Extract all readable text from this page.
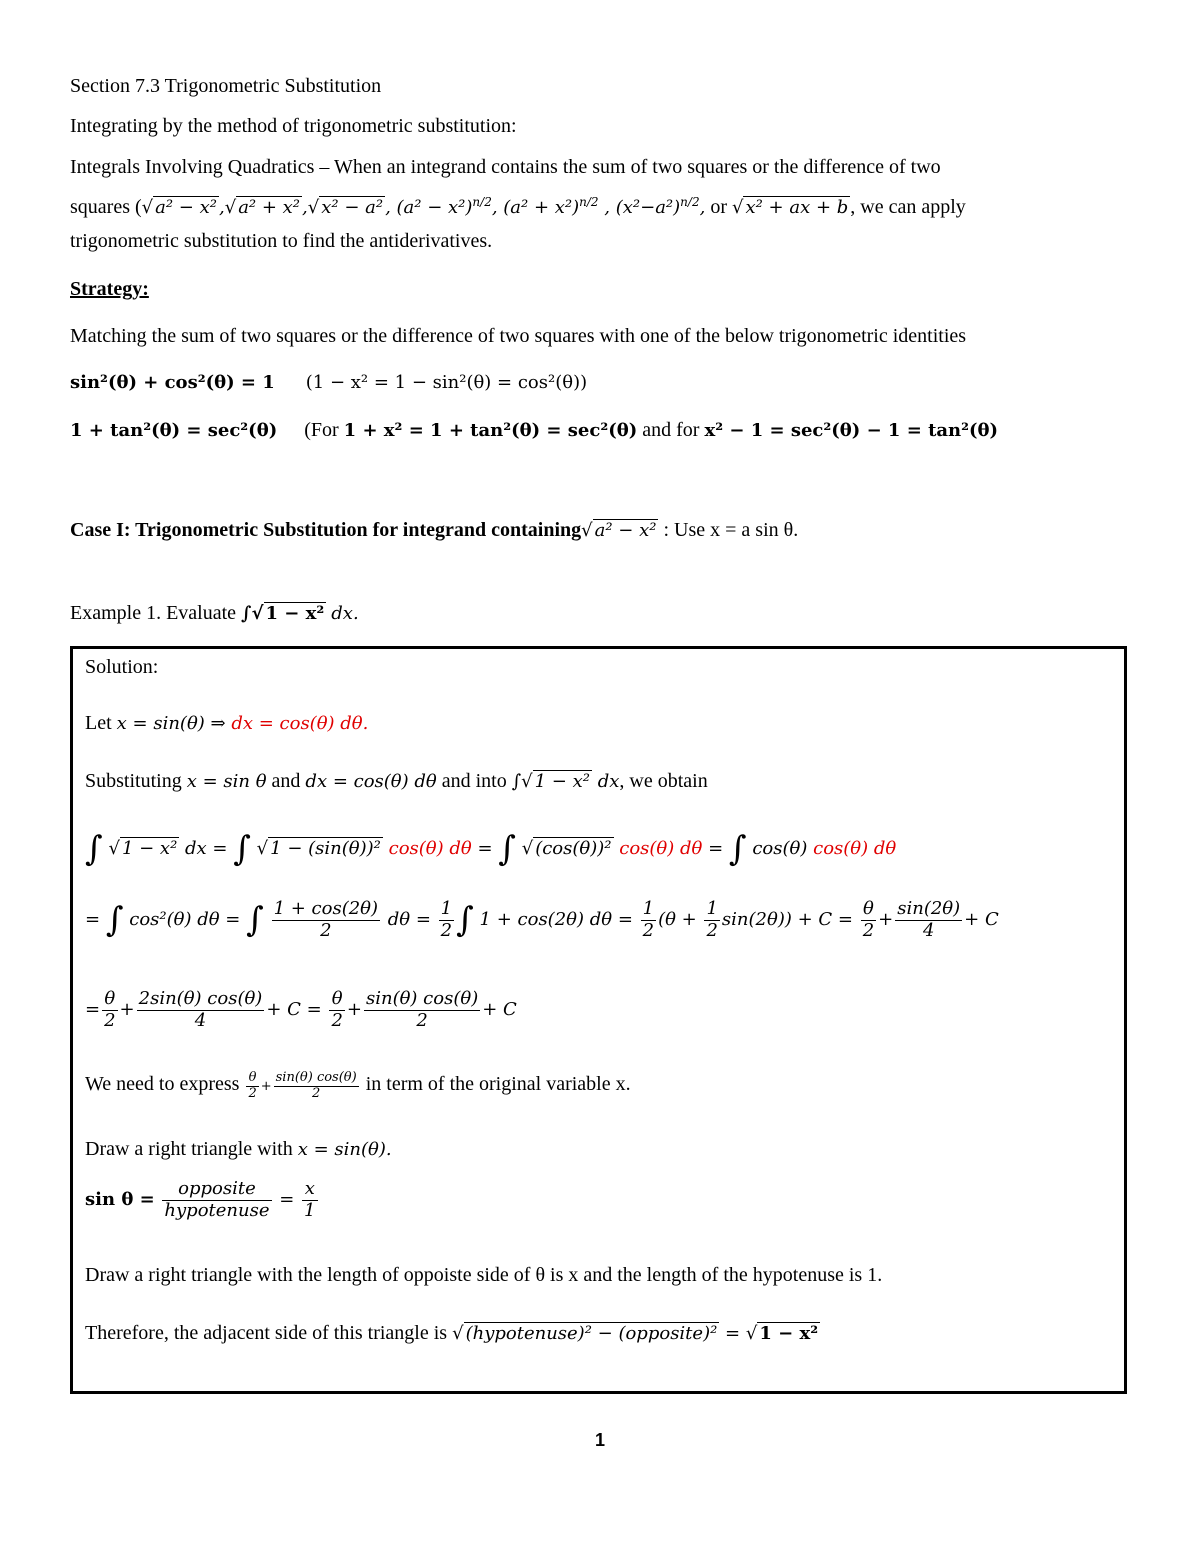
Section 7.3 Trigonometric Substitution
Integrating by the method of trigonometric substitution:
Integrals Involving Quadratics – When an integrand contains the sum of two squares or the difference of two
squares (√ a² − x² ,√ a² + x² ,√ x² − a² , $(a^2 - x^2)^{n/2}$, $(a^2 + x^2)^{n/2}$ , $(x^2-a^2)^{n/2}$, or √ x² + ax + b , we can apply
trigonometric substitution to find the antiderivatives.
Strategy:
Matching the sum of two squares or the difference of two squares with one of the below trigonometric identities
sin²(θ) + cos²(θ) = 1 (1 − x² = 1 − sin²(θ) = cos²(θ))
1 + tan²(θ) = sec²(θ) (For 1 + x² = 1 + tan²(θ) = sec²(θ) and for x² − 1 = sec²(θ) − 1 = tan²(θ)
Case I: Trigonometric Substitution for integrand containing√ a² − x² : Use x = a sin θ.
Example 1. Evaluate ∫√ 1 − x² dx.
Solution:
Let x = sin(θ) ⇒ dx = cos(θ) dθ.
Substituting x = sin θ and dx = cos(θ) dθ and into ∫√ 1 − x² dx, we obtain
∫ √ 1 − x² dx = ∫ √ 1 − (sin(θ))² cos(θ) dθ = ∫ √ (cos(θ))² cos(θ) dθ = ∫ cos(θ) cos(θ) dθ
= ∫ cos²(θ) dθ = ∫ $\frac{1 + \cos(2\theta)}{2}$ $d\theta = \frac{1}{2}$ ∫ 1 + cos(2θ) $d\theta = \frac{1}{2} (\theta + \frac{1}{2} \sin(2\theta)) + C = \frac{\theta}{2} + \frac{\sin(2\theta)}{4} + C$
= $\frac{\theta}{2} + \frac{2\sin(\theta) \cos(\theta)}{4} + C = \frac{\theta}{2} + \frac{\sin(\theta) \cos(\theta)}{2} + C$
We need to express $\frac{\theta}{2} + \frac{\sin(\theta) \cos(\theta)}{2}$ in term of the original variable x.
Draw a right triangle with x = sin(θ).
$\sin \theta = \frac{\text{opposite}}{\text{hypotenuse}} = \frac{x}{1}$
Draw a right triangle with the length of oppoiste side of θ is x and the length of the hypotenuse is 1.
Therefore, the adjacent side of this triangle is √ (hypotenuse)² − (opposite)² = √ 1 − x²
1
